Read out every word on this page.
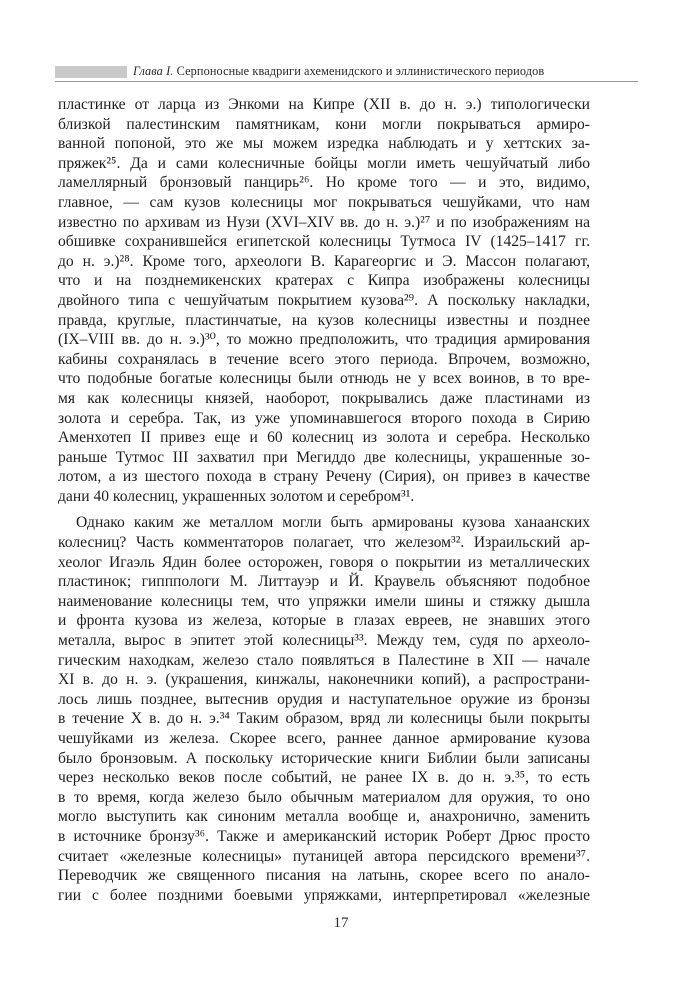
Глава I. Серпоносные квадриги ахеменидского и эллинистического периодов
пластинке от ларца из Энкоми на Кипре (XII в. до н. э.) типологически
близкой палестинским памятникам, кони могли покрываться армиро-
ванной попоной, это же мы можем изредка наблюдать и у хеттских за-
пряжек²⁵. Да и сами колесничные бойцы могли иметь чешуйчатый либо
ламеллярный бронзовый панцирь²⁶. Но кроме того — и это, видимо,
главное, — сам кузов колесницы мог покрываться чешуйками, что нам
известно по архивам из Нузи (XVI–XIV вв. до н. э.)²⁷ и по изображениям на
обшивке сохранившейся египетской колесницы Тутмоса IV (1425–1417 гг.
до н. э.)²⁸. Кроме того, археологи В. Карагеоргис и Э. Массон полагают,
что и на позднемикенских кратерах с Кипра изображены колесницы
двойного типа с чешуйчатым покрытием кузова²⁹. А поскольку накладки,
правда, круглые, пластинчатые, на кузов колесницы известны и позднее
(IX–VIII вв. до н. э.)³⁰, то можно предположить, что традиция армирования
кабины сохранялась в течение всего этого периода. Впрочем, возможно,
что подобные богатые колесницы были отнюдь не у всех воинов, в то вре-
мя как колесницы князей, наоборот, покрывались даже пластинами из
золота и серебра. Так, из уже упоминавшегося второго похода в Сирию
Аменхотеп II привез еще и 60 колесниц из золота и серебра. Несколько
раньше Тутмос III захватил при Мегиддо две колесницы, украшенные зо-
лотом, а из шестого похода в страну Речену (Сирия), он привез в качестве
дани 40 колесниц, украшенных золотом и серебром³¹.
Однако каким же металлом могли быть армированы кузова ханаанских
колесниц? Часть комментаторов полагает, что железом³². Израильский ар-
хеолог Игаэль Ядин более осторожен, говоря о покрытии из металлических
пластинок; гипппологи М. Литтауэр и Й. Краувель объясняют подобное
наименование колесницы тем, что упряжки имели шины и стяжку дышла
и фронта кузова из железа, которые в глазах евреев, не знавших этого
металла, вырос в эпитет этой колесницы³³. Между тем, судя по археоло-
гическим находкам, железо стало появляться в Палестине в XII — начале
XI в. до н. э. (украшения, кинжалы, наконечники копий), а распространи-
лось лишь позднее, вытеснив орудия и наступательное оружие из бронзы
в течение X в. до н. э.³⁴ Таким образом, вряд ли колесницы были покрыты
чешуйками из железа. Скорее всего, раннее данное армирование кузова
было бронзовым. А поскольку исторические книги Библии были записаны
через несколько веков после событий, не ранее IX в. до н. э.³⁵, то есть
в то время, когда железо было обычным материалом для оружия, то оно
могло выступить как синоним металла вообще и, анахронично, заменить
в источнике бронзу³⁶. Также и американский историк Роберт Дрюс просто
считает «железные колесницы» путаницей автора персидского времени³⁷.
Переводчик же священного писания на латынь, скорее всего по анало-
гии с более поздними боевыми упряжками, интерпретировал «железные
17
